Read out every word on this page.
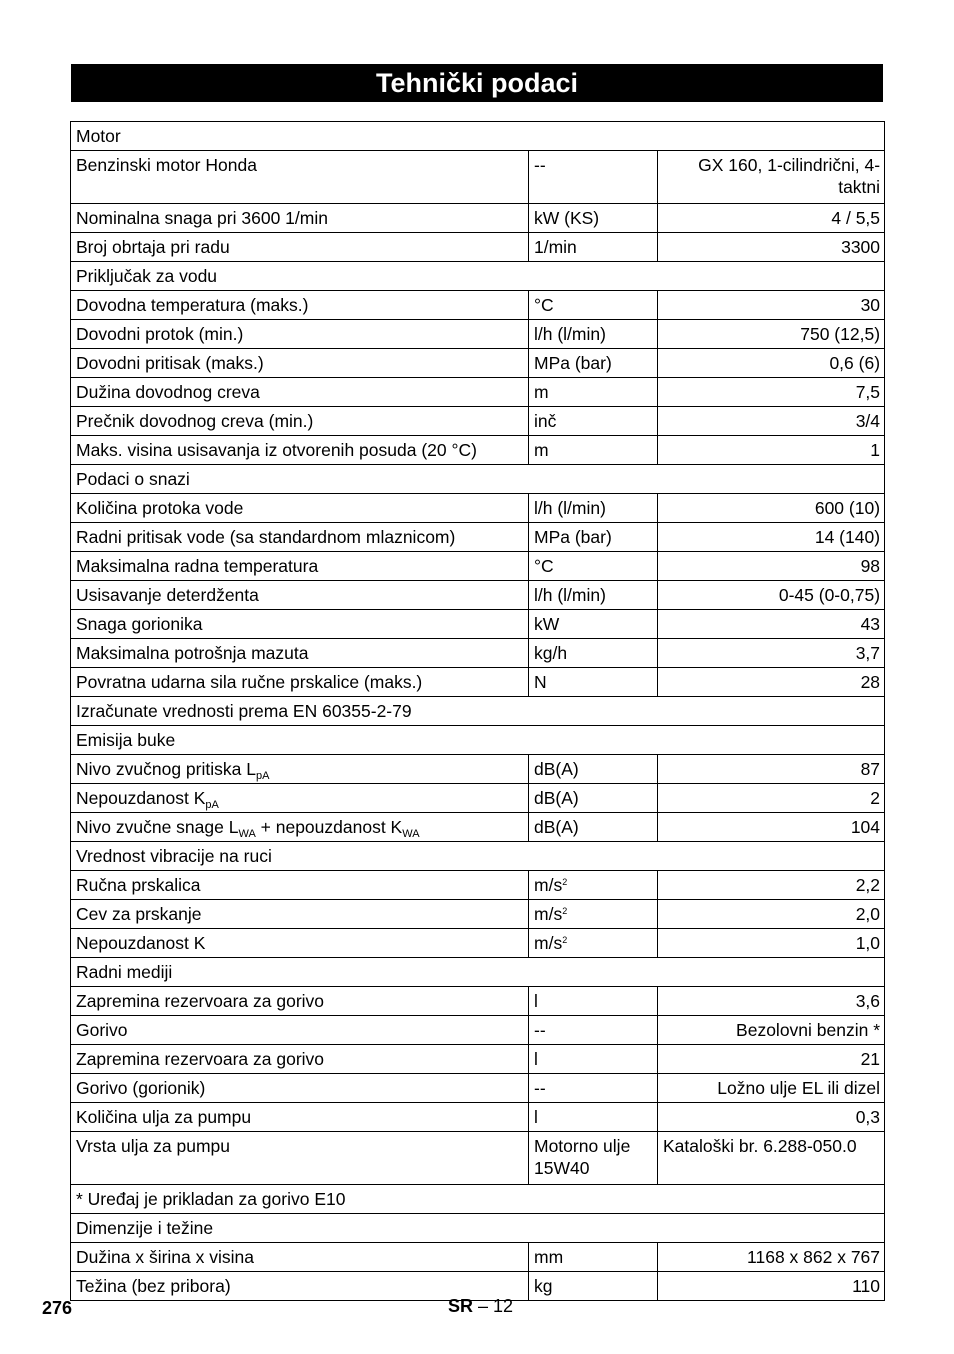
Tehnički podaci
Motor		
Benzinski motor Honda	--	GX 160, 1-cilindrični, 4-taktni
Nominalna snaga pri 3600 1/min	kW (KS)	4 / 5,5
Broj obrtaja pri radu	1/min	3300
Priključak za vodu		
Dovodna temperatura (maks.)	°C	30
Dovodni protok (min.)	l/h (l/min)	750 (12,5)
Dovodni pritisak (maks.)	MPa (bar)	0,6 (6)
Dužina dovodnog creva	m	7,5
Prečnik dovodnog creva (min.)	inč	3/4
Maks. visina usisavanja iz otvorenih posuda (20 °C)	m	1
Podaci o snazi		
Količina protoka vode	l/h (l/min)	600 (10)
Radni pritisak vode (sa standardnom mlaznicom)	MPa (bar)	14 (140)
Maksimalna radna temperatura	°C	98
Usisavanje deterdženta	l/h (l/min)	0-45 (0-0,75)
Snaga gorionika	kW	43
Maksimalna potrošnja mazuta	kg/h	3,7
Povratna udarna sila ručne prskalice (maks.)	N	28
Izračunate vrednosti prema EN 60355-2-79		
Emisija buke		
Nivo zvučnog pritiska $L_{pA}$	dB(A)	87
Nepouzdanost $K_{pA}$	dB(A)	2
Nivo zvučne snage $L_{WA}$ + nepouzdanost $K_{WA}$	dB(A)	104
Vrednost vibracije na ruci		
Ručna prskalica	$m/s^2$	2,2
Cev za prskanje	$m/s^2$	2,0
Nepouzdanost K	$m/s^2$	1,0
Radni mediji		
Zapremina rezervoara za gorivo	l	3,6
Gorivo	--	Bezolovni benzin *
Zapremina rezervoara za gorivo	l	21
Gorivo (gorionik)	--	Ložno ulje EL ili dizel
Količina ulja za pumpu	l	0,3
Vrsta ulja za pumpu	Motorno ulje 15W40	Kataloški br. 6.288-050.0
* Uređaj je prikladan za gorivo E10		
Dimenzije i težine		
Dužina x širina x visina	mm	1168 x 862 x 767
Težina (bez pribora)	kg	110
276	SR – 12
